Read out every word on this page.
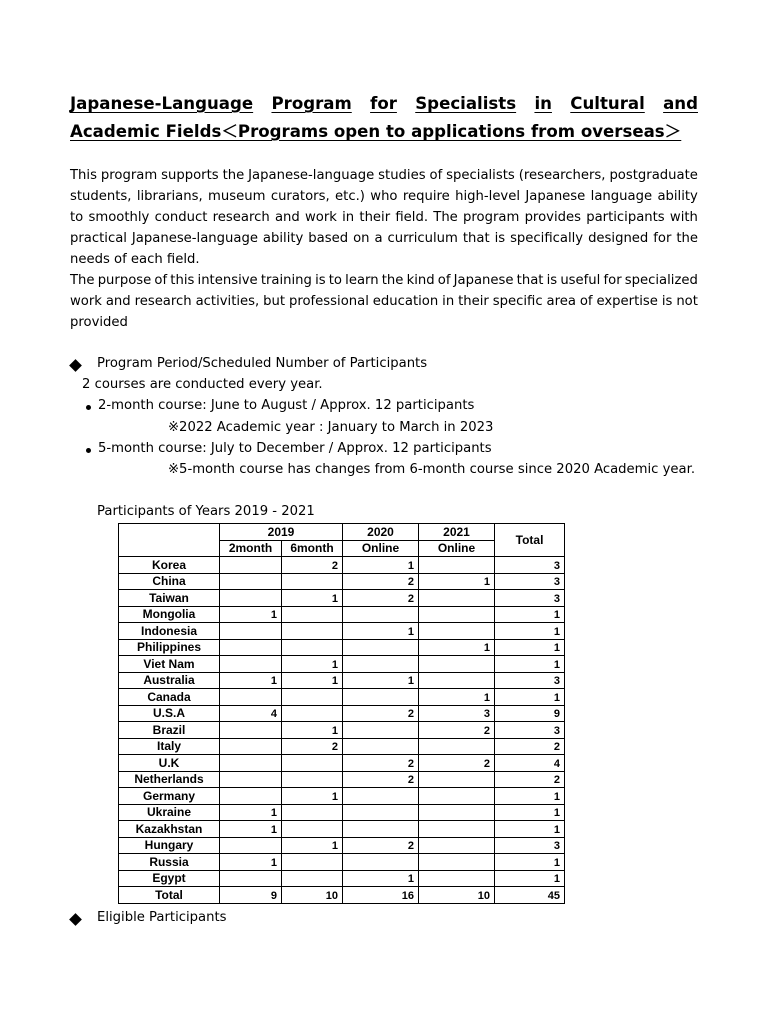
Japanese-Language Program for Specialists in Cultural and
Academic Fields＜Programs open to applications from overseas＞
This program supports the Japanese-language studies of specialists (researchers, postgraduate
students, librarians, museum curators, etc.) who require high-level Japanese language ability
to smoothly conduct research and work in their field. The program provides participants with
practical Japanese-language ability based on a curriculum that is specifically designed for the
needs of each field.
The purpose of this intensive training is to learn the kind of Japanese that is useful for specialized
work and research activities, but professional education in their specific area of expertise is not
provided
Program Period/Scheduled Number of Participants
2 courses are conducted every year.
2-month course: June to August / Approx. 12 participants
※2022 Academic year : January to March in 2023
5-month course: July to December / Approx. 12 participants
※5-month course has changes from 6-month course since 2020 Academic year.
Participants of Years 2019 - 2021
	2019		2020	2021	Total
	2month	6month	Online	Online	
Korea		2	1		3
China			2	1	3
Taiwan		1	2		3
Mongolia	1				1
Indonesia			1		1
Philippines				1	1
Viet Nam		1			1
Australia	1	1	1		3
Canada				1	1
U.S.A	4		2	3	9
Brazil		1		2	3
Italy		2			2
U.K			2	2	4
Netherlands			2		2
Germany		1			1
Ukraine	1				1
Kazakhstan	1				1
Hungary		1	2		3
Russia	1				1
Egypt			1		1
Total	9	10	16	10	45
Eligible Participants
